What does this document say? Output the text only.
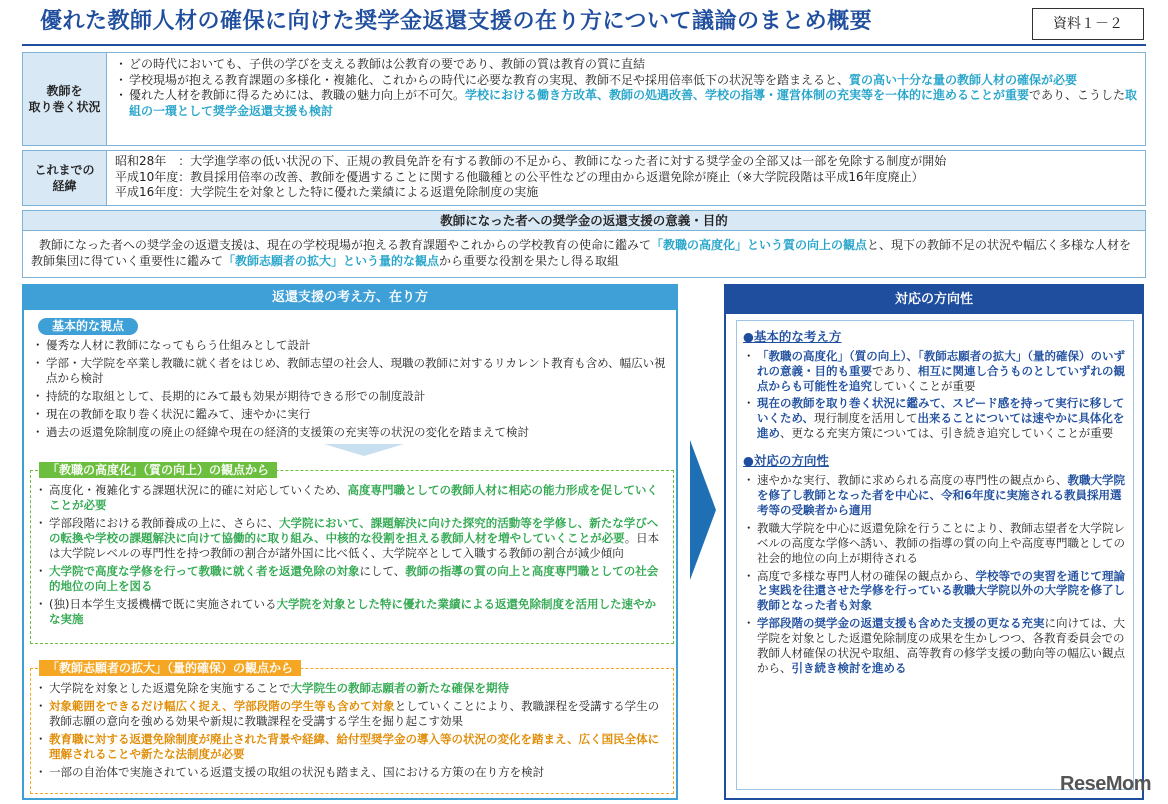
優れた教師人材の確保に向けた奨学金返還支援の在り方について議論のまとめ概要	資料１－２
教師を
取り巻く状況
・ どの時代においても、子供の学びを支える教師は公教育の要であり、教師の質は教育の質に直結
・ 学校現場が抱える教育課題の多様化・複雑化、これからの時代に必要な教育の実現、教師不足や採用倍率低下の状況等を踏まえると、質の高い十分な量の教師人材の確保が必要
・ 優れた人材を教師に得るためには、教職の魅力向上が不可欠。学校における働き方改革、教師の処遇改善、学校の指導・運営体制の充実等を一体的に進めることが重要であり、こうした取組の一環として奨学金返還支援も検討
これまでの
経緯
昭和28年　：大学進学率の低い状況の下、正規の教員免許を有する教師の不足から、教師になった者に対する奨学金の全部又は一部を免除する制度が開始
平成10年度：教員採用倍率の改善、教師を優遇することに関する他職種との公平性などの理由から返還免除が廃止（※大学院段階は平成16年度廃止）
平成16年度：大学院生を対象とした特に優れた業績による返還免除制度の実施
教師になった者への奨学金の返還支援の意義・目的
教師になった者への奨学金の返還支援は、現在の学校現場が抱える教育課題やこれからの学校教育の使命に鑑みて「教職の高度化」という質の向上の観点と、現下の教師不足の状況や幅広く多様な人材を教師集団に得ていく重要性に鑑みて「教師志願者の拡大」という量的な観点から重要な役割を果たし得る取組
返還支援の考え方、在り方
基本的な視点
・ 優秀な人材に教師になってもらう仕組みとして設計
・ 学部・大学院を卒業し教職に就く者をはじめ、教師志望の社会人、現職の教師に対するリカレント教育も含め、幅広い視点から検討
・ 持続的な取組として、長期的にみて最も効果が期待できる形での制度設計
・ 現在の教師を取り巻く状況に鑑みて、速やかに実行
・ 過去の返還免除制度の廃止の経緯や現在の経済的支援策の充実等の状況の変化を踏まえて検討
「教職の高度化」（質の向上）の観点から
・ 高度化・複雑化する課題状況に的確に対応していくため、高度専門職としての教師人材に相応の能力形成を促していくことが必要
・ 学部段階における教師養成の上に、さらに、大学院において、課題解決に向けた探究的活動等を学修し、新たな学びへの転換や学校の課題解決に向けて協働的に取り組み、中核的な役割を担える教師人材を増やしていくことが必要。日本は大学院レベルの専門性を持つ教師の割合が諸外国に比べ低く、大学院卒として入職する教師の割合が減少傾向
・ 大学院で高度な学修を行って教職に就く者を返還免除の対象にして、教師の指導の質の向上と高度専門職としての社会的地位の向上を図る
・ (独)日本学生支援機構で既に実施されている大学院を対象とした特に優れた業績による返還免除制度を活用した速やかな実施
「教師志願者の拡大」（量的確保）の観点から
・ 大学院を対象とした返還免除を実施することで大学院生の教師志願者の新たな確保を期待
・ 対象範囲をできるだけ幅広く捉え、学部段階の学生等も含めて対象としていくことにより、教職課程を受講する学生の教師志願の意向を強める効果や新規に教職課程を受講する学生を掘り起こす効果
・ 教育職に対する返還免除制度が廃止された背景や経緯、給付型奨学金の導入等の状況の変化を踏まえ、広く国民全体に理解されることや新たな法制度が必要
・ 一部の自治体で実施されている返還支援の取組の状況も踏まえ、国における方策の在り方を検討
対応の方向性
●基本的な考え方
・ 「教職の高度化」（質の向上）、「教師志願者の拡大」（量的確保）のいずれの意義・目的も重要であり、相互に関連し合うものとしていずれの観点からも可能性を追究していくことが重要
・ 現在の教師を取り巻く状況に鑑みて、スピード感を持って実行に移していくため、現行制度を活用して出来ることについては速やかに具体化を進め、更なる充実方策については、引き続き追究していくことが重要
●対応の方向性
・ 速やかな実行、教師に求められる高度の専門性の観点から、教職大学院を修了し教師となった者を中心に、令和6年度に実施される教員採用選考等の受験者から適用
・ 教職大学院を中心に返還免除を行うことにより、教師志望者を大学院レベルの高度な学修へ誘い、教師の指導の質の向上や高度専門職としての社会的地位の向上が期待される
・ 高度で多様な専門人材の確保の観点から、学校等での実習を通じて理論と実践を往還させた学修を行っている教職大学院以外の大学院を修了し教師となった者も対象
・ 学部段階の奨学金の返還支援も含めた支援の更なる充実に向けては、大学院を対象とした返還免除制度の成果を生かしつつ、各教育委員会での教師人材確保の状況や取組、高等教育の修学支援の動向等の幅広い観点から、引き続き検討を進める
ReseMom
